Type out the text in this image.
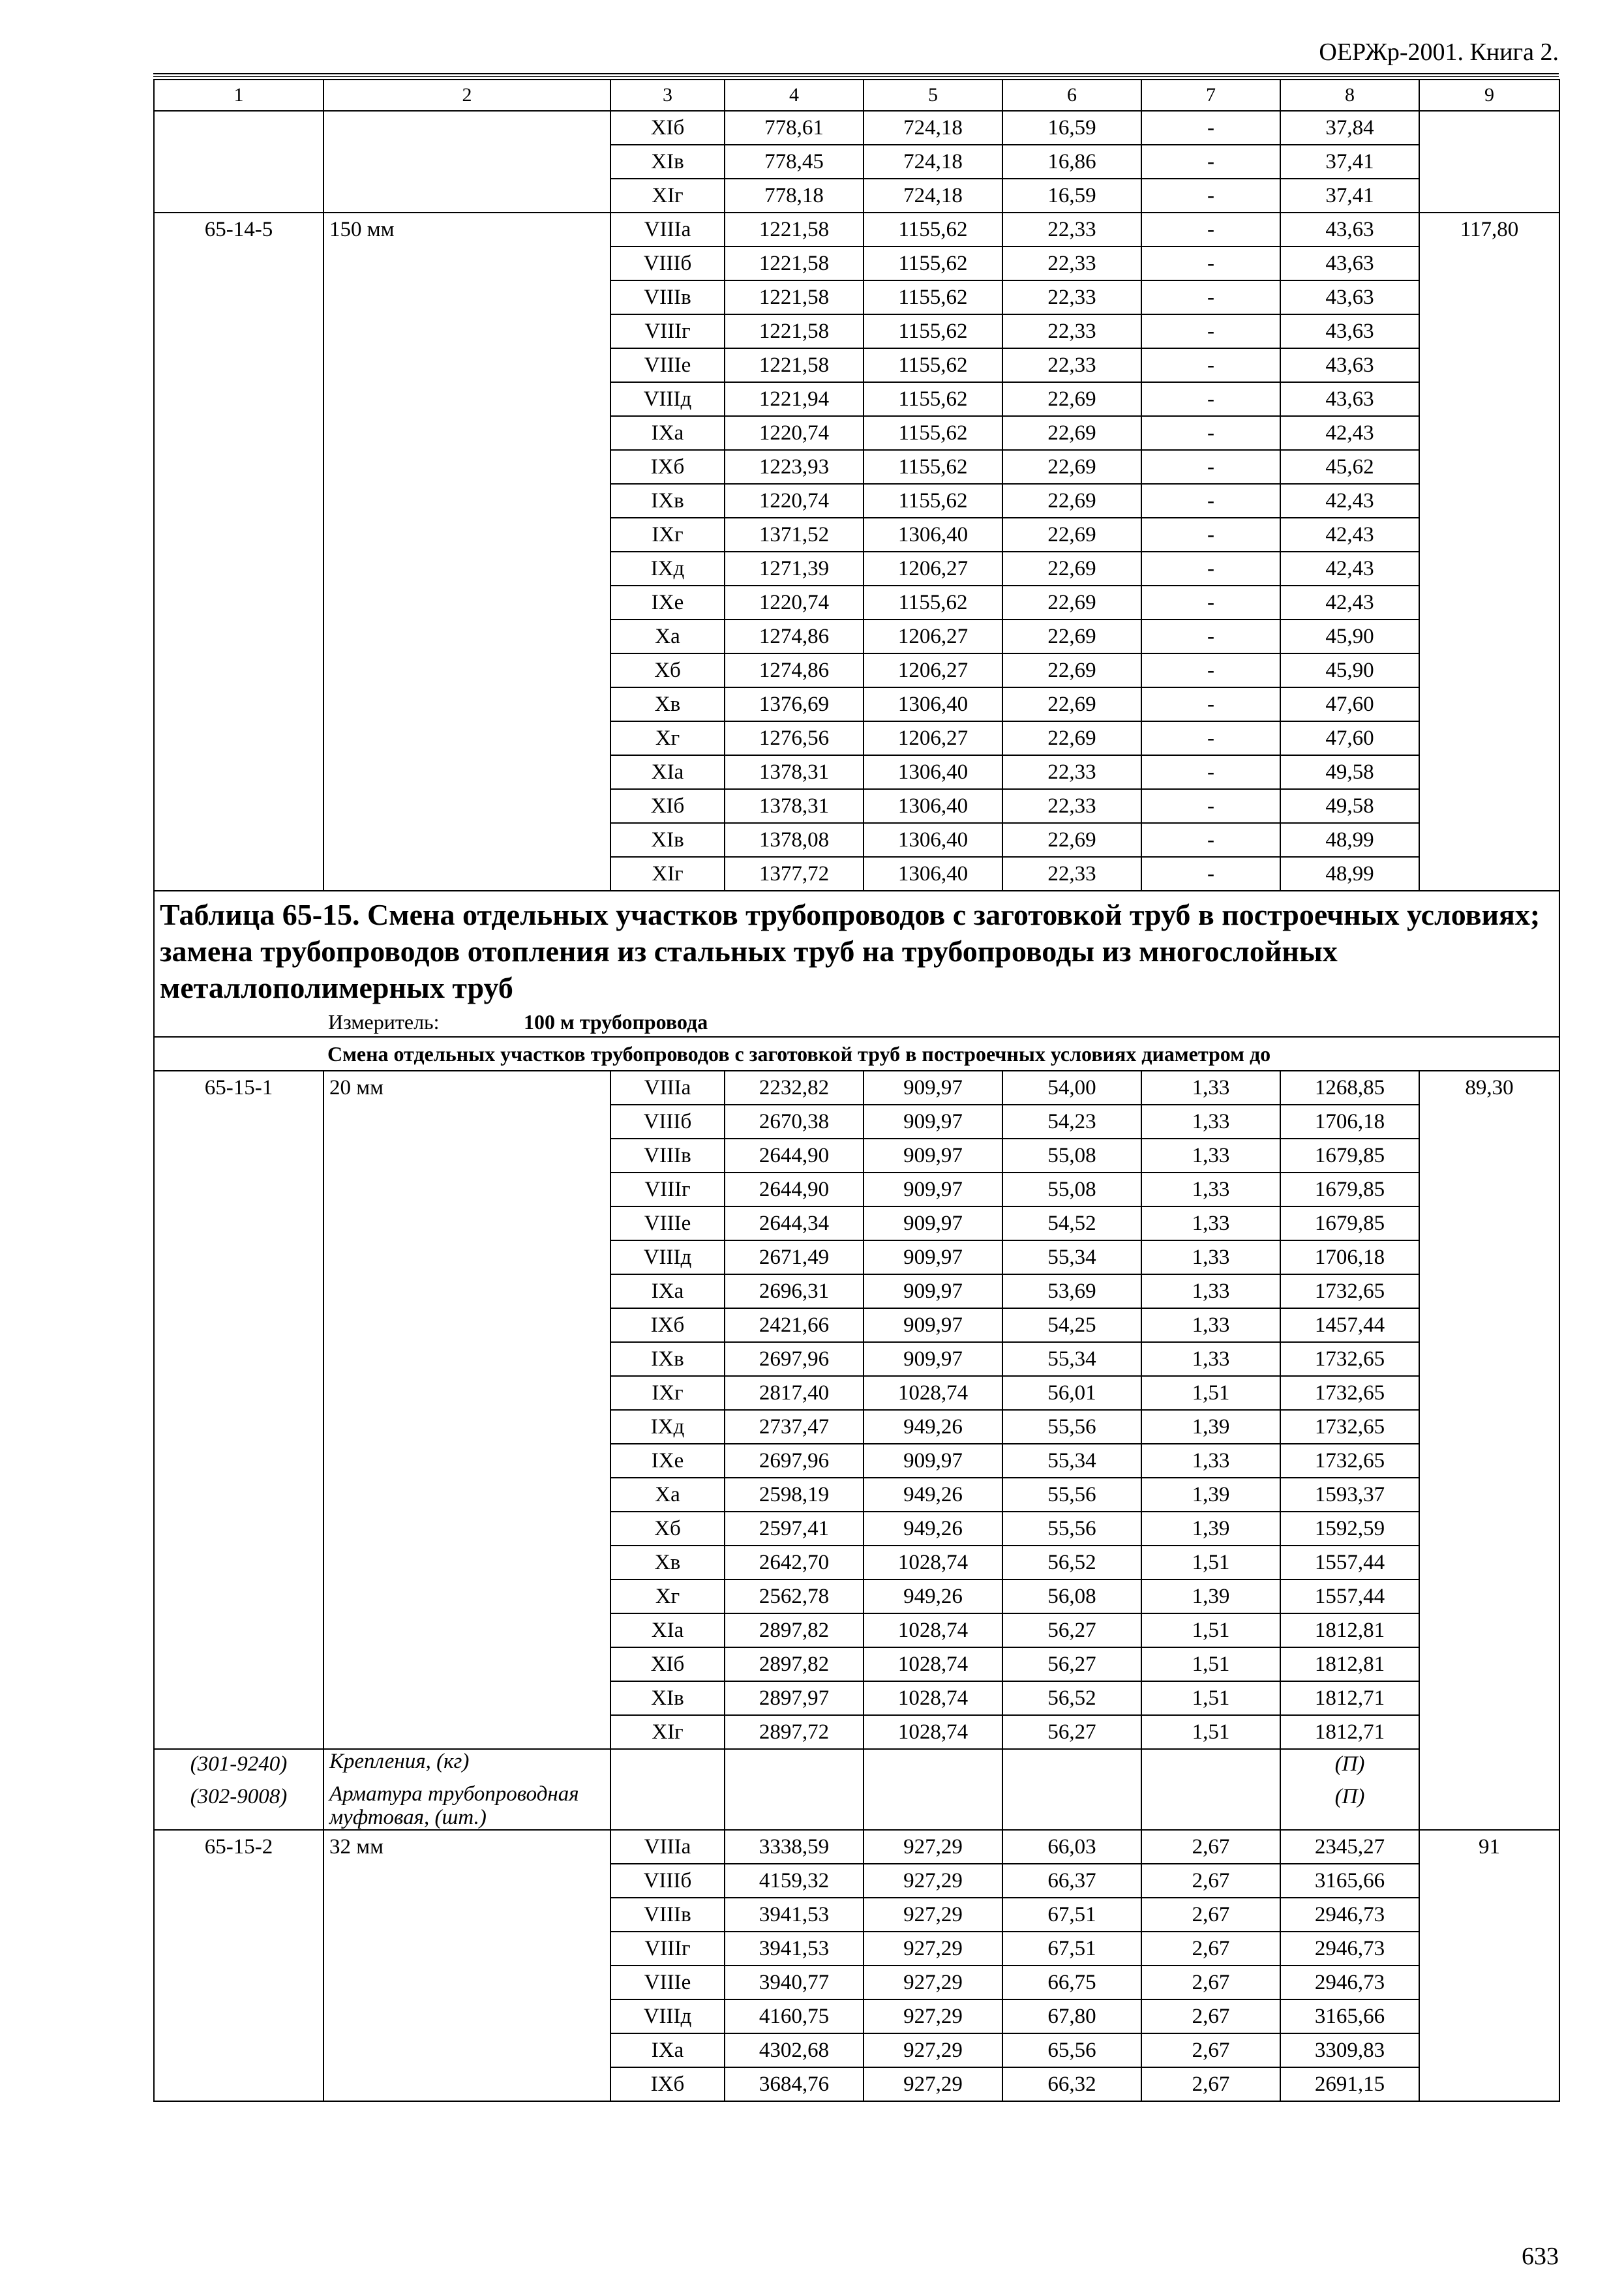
ОЕРЖр-2001. Книга 2.
1	2	3	4	5	6	7	8	9
		XIб	778,61	724,18	16,59	-	37,84	
		XIв	778,45	724,18	16,86	-	37,41	
		XIг	778,18	724,18	16,59	-	37,41	
65-14-5	150 мм	VIIIа	1221,58	1155,62	22,33	-	43,63	117,80
		VIIIб	1221,58	1155,62	22,33	-	43,63	
		VIIIв	1221,58	1155,62	22,33	-	43,63	
		VIIIг	1221,58	1155,62	22,33	-	43,63	
		VIIIе	1221,58	1155,62	22,33	-	43,63	
		VIIIд	1221,94	1155,62	22,69	-	43,63	
		IXа	1220,74	1155,62	22,69	-	42,43	
		IXб	1223,93	1155,62	22,69	-	45,62	
		IXв	1220,74	1155,62	22,69	-	42,43	
		IXг	1371,52	1306,40	22,69	-	42,43	
		IXд	1271,39	1206,27	22,69	-	42,43	
		IXе	1220,74	1155,62	22,69	-	42,43	
		Xа	1274,86	1206,27	22,69	-	45,90	
		Xб	1274,86	1206,27	22,69	-	45,90	
		Xв	1376,69	1306,40	22,69	-	47,60	
		Xг	1276,56	1206,27	22,69	-	47,60	
		XIа	1378,31	1306,40	22,33	-	49,58	
		XIб	1378,31	1306,40	22,33	-	49,58	
		XIв	1378,08	1306,40	22,69	-	48,99	
		XIг	1377,72	1306,40	22,33	-	48,99	

Таблица 65-15. Смена отдельных участков трубопроводов с заготовкой труб в построечных условиях; замена трубопроводов отопления из стальных труб на трубопроводы из многослойных металлополимерных труб
Измеритель: 100 м трубопровода								

Смена отдельных участков трубопроводов с заготовкой труб в построечных условиях диаметром до								
65-15-1	20 мм	VIIIа	2232,82	909,97	54,00	1,33	1268,85	89,30
		VIIIб	2670,38	909,97	54,23	1,33	1706,18	
		VIIIв	2644,90	909,97	55,08	1,33	1679,85	
		VIIIг	2644,90	909,97	55,08	1,33	1679,85	
		VIIIе	2644,34	909,97	54,52	1,33	1679,85	
		VIIIд	2671,49	909,97	55,34	1,33	1706,18	
		IXа	2696,31	909,97	53,69	1,33	1732,65	
		IXб	2421,66	909,97	54,25	1,33	1457,44	
		IXв	2697,96	909,97	55,34	1,33	1732,65	
		IXг	2817,40	1028,74	56,01	1,51	1732,65	
		IXд	2737,47	949,26	55,56	1,39	1732,65	
		IXе	2697,96	909,97	55,34	1,33	1732,65	
		Xа	2598,19	949,26	55,56	1,39	1593,37	
		Xб	2597,41	949,26	55,56	1,39	1592,59	
		Xв	2642,70	1028,74	56,52	1,51	1557,44	
		Xг	2562,78	949,26	56,08	1,39	1557,44	
		XIа	2897,82	1028,74	56,27	1,51	1812,81	
		XIб	2897,82	1028,74	56,27	1,51	1812,81	
		XIв	2897,97	1028,74	56,52	1,51	1812,71	
		XIг	2897,72	1028,74	56,27	1,51	1812,71	
(301-9240)	Крепления, (кг)						(П)	
(302-9008)	Арматура трубопроводная муфтовая, (шт.)						(П)	
65-15-2	32 мм	VIIIа	3338,59	927,29	66,03	2,67	2345,27	91
		VIIIб	4159,32	927,29	66,37	2,67	3165,66	
		VIIIв	3941,53	927,29	67,51	2,67	2946,73	
		VIIIг	3941,53	927,29	67,51	2,67	2946,73	
		VIIIе	3940,77	927,29	66,75	2,67	2946,73	
		VIIIд	4160,75	927,29	67,80	2,67	3165,66	
		IXа	4302,68	927,29	65,56	2,67	3309,83	
		IXб	3684,76	927,29	66,32	2,67	2691,15	
633
